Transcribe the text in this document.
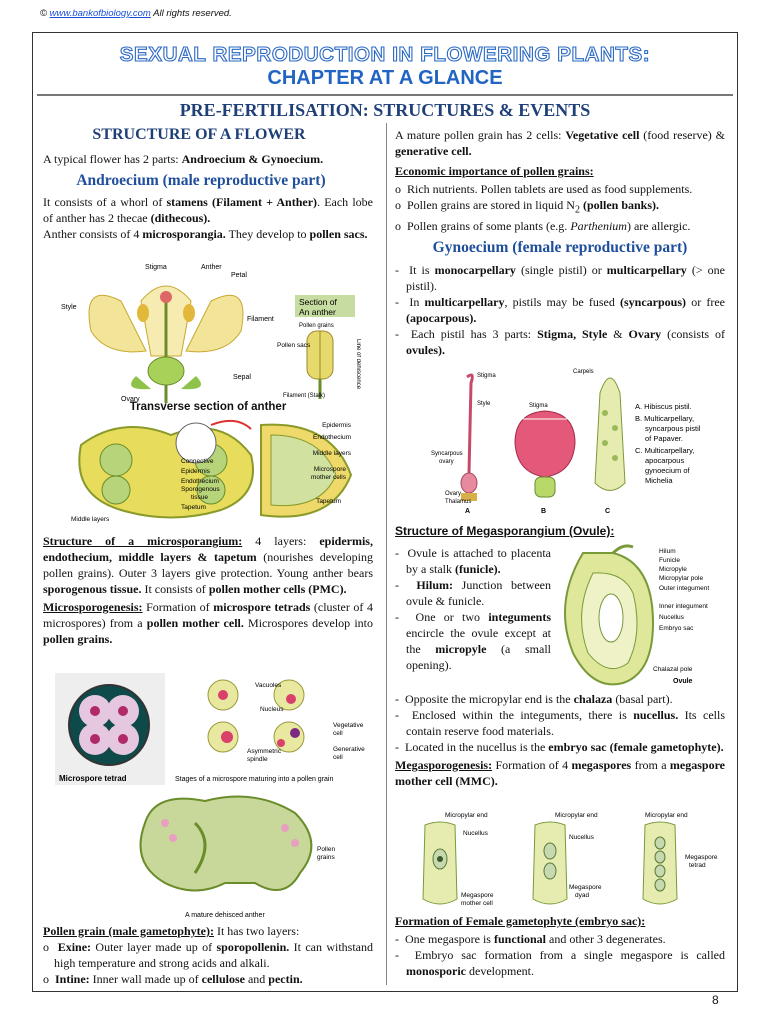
© www.bankofbiology.com All rights reserved.
SEXUAL REPRODUCTION IN FLOWERING PLANTS:
CHAPTER AT A GLANCE
PRE-FERTILISATION: STRUCTURES & EVENTS
STRUCTURE OF A FLOWER

A typical flower has 2 parts: Androecium & Gynoecium.

Androecium (male reproductive part)

It consists of a whorl of stamens (Filament + Anther). Each lobe of anther has 2 thecae (dithecous).

Anther consists of 4 microsporangia. They develop to pollen sacs.

Stigma	Anther
Petal
Style
Filament
Ovary
Sepal
Section of
An anther
Pollen grains
Pollen sacs	Line of dehiscence
Filament (Stalk)
Transverse section of anther
Epidermis
Endothecium
Middle layers
Microspore
mother cells
Tapetum
Connective
Epidermis
Endothecium
Sporogenous
tissue
Tapetum
Middle layers

Structure of a microsporangium: 4 layers: epidermis, endothecium, middle layers & tapetum (nourishes developing pollen grains). Outer 3 layers give protection. Young anther bears sporogenous tissue. It consists of pollen mother cells (PMC).

Microsporogenesis: Formation of microspore tetrads (cluster of 4 microspores) from a pollen mother cell. Microspores develop into pollen grains.

Microspore tetrad
Vacuoles
Nucleus
Asymmetric
spindle
Vegetative
cell
Generative
cell
Stages of a microspore maturing into a pollen grain
Pollen
grains
A mature dehisced anther

Pollen grain (male gametophyte): It has two layers:

o  Exine: Outer layer made up of sporopollenin. It can withstand high temperature and strong acids and alkali.

o  Intine: Inner wall made up of cellulose and pectin.

A mature pollen grain has 2 cells: Vegetative cell (food reserve) & generative cell.

Economic importance of pollen grains:

o  Rich nutrients. Pollen tablets are used as food supplements.

o  Pollen grains are stored in liquid $N_2$ (pollen banks).

o  Pollen grains of some plants (e.g. Parthenium) are allergic.

Gynoecium (female reproductive part)

-  It is monocarpellary (single pistil) or multicarpellary (> one pistil).

-  In multicarpellary, pistils may be fused (syncarpous) or free (apocarpous).

-  Each pistil has 3 parts: Stigma, Style & Ovary (consists of ovules).

Stigma
Style
Syncarpous
ovary
Ovary
Thalamus
A
Stigma
B
Carpels
C
A. Hibiscus pistil.
B. Multicarpellary,
syncarpous pistil
of Papaver.
C. Multicarpellary,
apocarpous
gynoecium of
Michelia

Structure of Megasporangium (Ovule):

-  Ovule is attached to placenta by a stalk (funicle).

-  Hilum: Junction between ovule & funicle.

-  One or two integuments encircle the ovule except at the micropyle (a small opening).

Hilum
Funicle
Micropyle
Micropylar pole
Outer integument
Inner integument
Nucellus
Embryo sac
Chalazal pole
Ovule

-  Opposite the micropylar end is the chalaza (basal part).

-  Enclosed within the integuments, there is nucellus. Its cells contain reserve food materials.

-  Located in the nucellus is the embryo sac (female gametophyte).

Megasporogenesis: Formation of 4 megaspores from a megaspore mother cell (MMC).

Micropylar end	Micropylar end	Micropylar end
Nucellus
Megaspore
mother cell
Nucellus
Megaspore
dyad
Megaspore
tetrad

Formation of Female gametophyte (embryo sac):

-  One megaspore is functional and other 3 degenerates.

-  Embryo sac formation from a single megaspore is called monosporic development.

8
